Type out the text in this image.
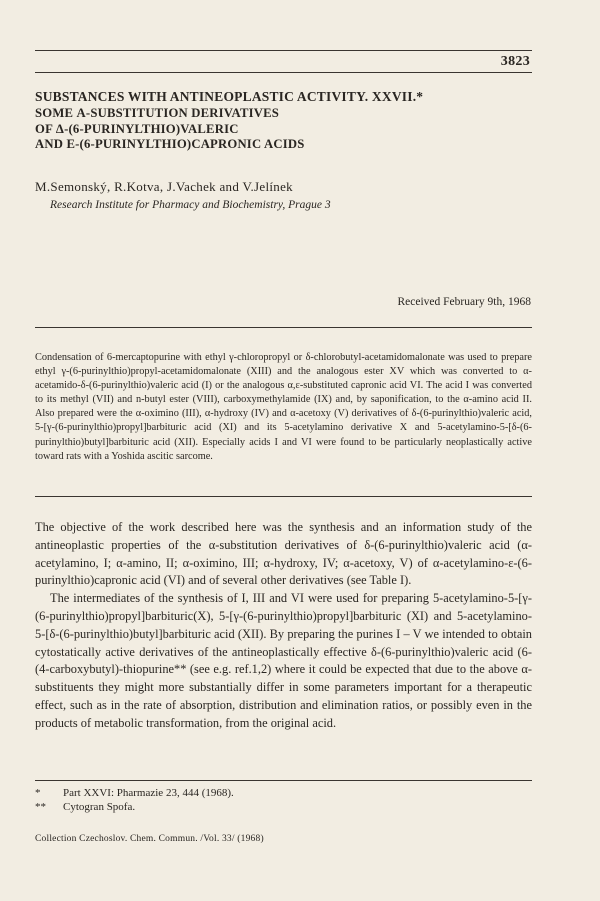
3823
SUBSTANCES WITH ANTINEOPLASTIC ACTIVITY. XXVII.*
SOME Α-SUBSTITUTION DERIVATIVES
OF Δ-(6-PURINYLTHIO)VALERIC
AND Ε-(6-PURINYLTHIO)CAPRONIC ACIDS
M.Semonský, R.Kotva, J.Vachek and V.Jelínek
Research Institute for Pharmacy and Biochemistry, Prague 3
Received February 9th, 1968

Condensation of 6-mercaptopurine with ethyl γ-chloropropyl or δ-chlorobutyl-acetamidomalonate was used to prepare ethyl γ-(6-purinylthio)propyl-acetamidomalonate (XIII) and the analogous ester XV which was converted to α-acetamido-δ-(6-purinylthio)valeric acid (I) or the analogous α,ε-substituted capronic acid VI. The acid I was converted to its methyl (VII) and n-butyl ester (VIII), carboxymethylamide (IX) and, by saponification, to the α-amino acid II. Also prepared were the α-oximino (III), α-hydroxy (IV) and α-acetoxy (V) derivatives of δ-(6-purinylthio)valeric acid, 5-[γ-(6-purinylthio)propyl]barbituric acid (XI) and its 5-acetylamino derivative X and 5-acetylamino-5-[δ-(6-purinylthio)butyl]barbituric acid (XII). Especially acids I and VI were found to be particularly neoplastically active toward rats with a Yoshida ascitic sarcome.

The objective of the work described here was the synthesis and an information study of the antineoplastic properties of the α-substitution derivatives of δ-(6-purinylthio)valeric acid (α-acetylamino, I; α-amino, II; α-oximino, III; α-hydroxy, IV; α-acetoxy, V) of α-acetylamino-ε-(6-purinylthio)capronic acid (VI) and of several other derivatives (see Table I).

The intermediates of the synthesis of I, III and VI were used for preparing 5-acetylamino-5-[γ-(6-purinylthio)propyl]barbituric(X), 5-[γ-(6-purinylthio)propyl]barbituric (XI) and 5-acetylamino-5-[δ-(6-purinylthio)butyl]barbituric acid (XII). By preparing the purines I – V we intended to obtain cytostatically active derivatives of the antineoplastically effective δ-(6-purinylthio)valeric acid (6-(4-carboxybutyl)-thiopurine** (see e.g. ref.1,2) where it could be expected that due to the above α-substituents they might more substantially differ in some parameters important for a therapeutic effect, such as in the rate of absorption, distribution and elimination ratios, or possibly even in the products of metabolic transformation, from the original acid.

*	Part XXVI: Pharmazie 23, 444 (1968).
**	Cytogran Spofa.
Collection Czechoslov. Chem. Commun. /Vol. 33/ (1968)
